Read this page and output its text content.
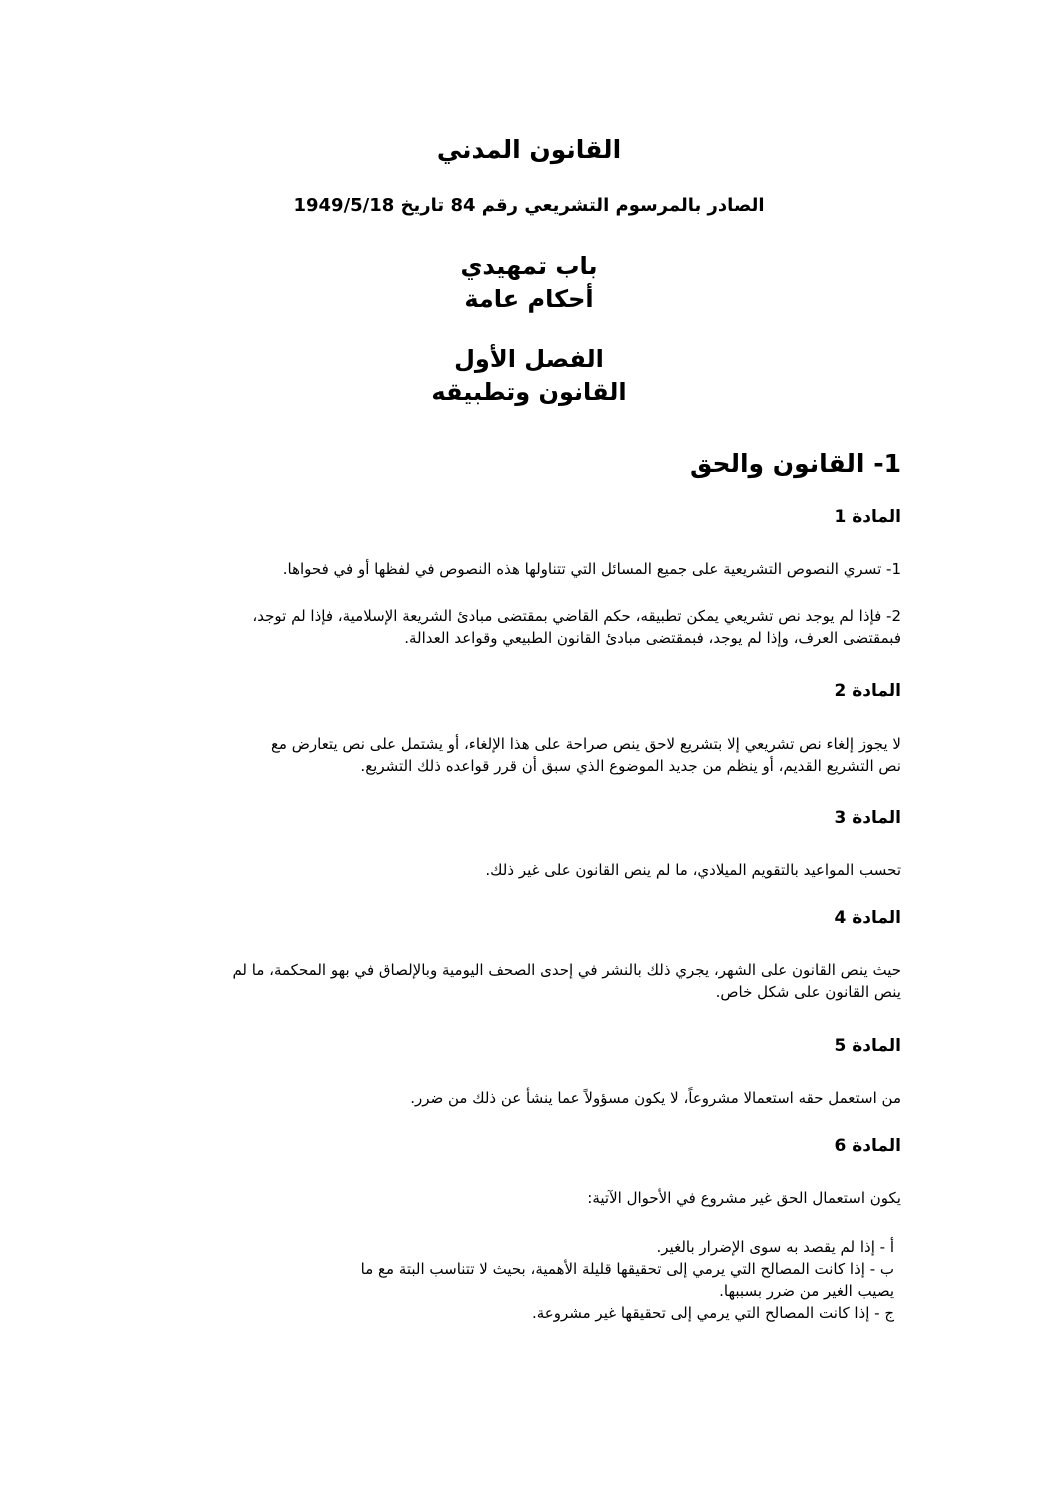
القانون المدني
الصادر بالمرسوم التشريعي رقم 84 تاريخ 1949/5/18
باب تمهيدي
أحكام عامة
الفصل الأول
القانون وتطبيقه
1- القانون والحق
المادة 1
1- تسري النصوص التشريعية على جميع المسائل التي تتناولها هذه النصوص في لفظها أو في فحواها.
2- فإذا لم يوجد نص تشريعي يمكن تطبيقه، حكم القاضي بمقتضى مبادئ الشريعة الإسلامية، فإذا لم توجد،
فبمقتضى العرف، وإذا لم يوجد، فبمقتضى مبادئ القانون الطبيعي وقواعد العدالة.
المادة 2
لا يجوز إلغاء نص تشريعي إلا بتشريع لاحق ينص صراحة على هذا الإلغاء، أو يشتمل على نص يتعارض مع
نص التشريع القديم، أو ينظم من جديد الموضوع الذي سبق أن قرر قواعده ذلك التشريع.
المادة 3
تحسب المواعيد بالتقويم الميلادي، ما لم ينص القانون على غير ذلك.
المادة 4
حيث ينص القانون على الشهر، يجري ذلك بالنشر في إحدى الصحف اليومية وبالإلصاق في بهو المحكمة، ما لم
ينص القانون على شكل خاص.
المادة 5
من استعمل حقه استعمالا مشروعاً، لا يكون مسؤولاً عما ينشأ عن ذلك من ضرر.
المادة 6
يكون استعمال الحق غير مشروع في الأحوال الآتية:
أ - إذا لم يقصد به سوى الإضرار بالغير.
ب - إذا كانت المصالح التي يرمي إلى تحقيقها قليلة الأهمية، بحيث لا تتناسب البتة مع ما
يصيب الغير من ضرر بسببها.
ج - إذا كانت المصالح التي يرمي إلى تحقيقها غير مشروعة.
